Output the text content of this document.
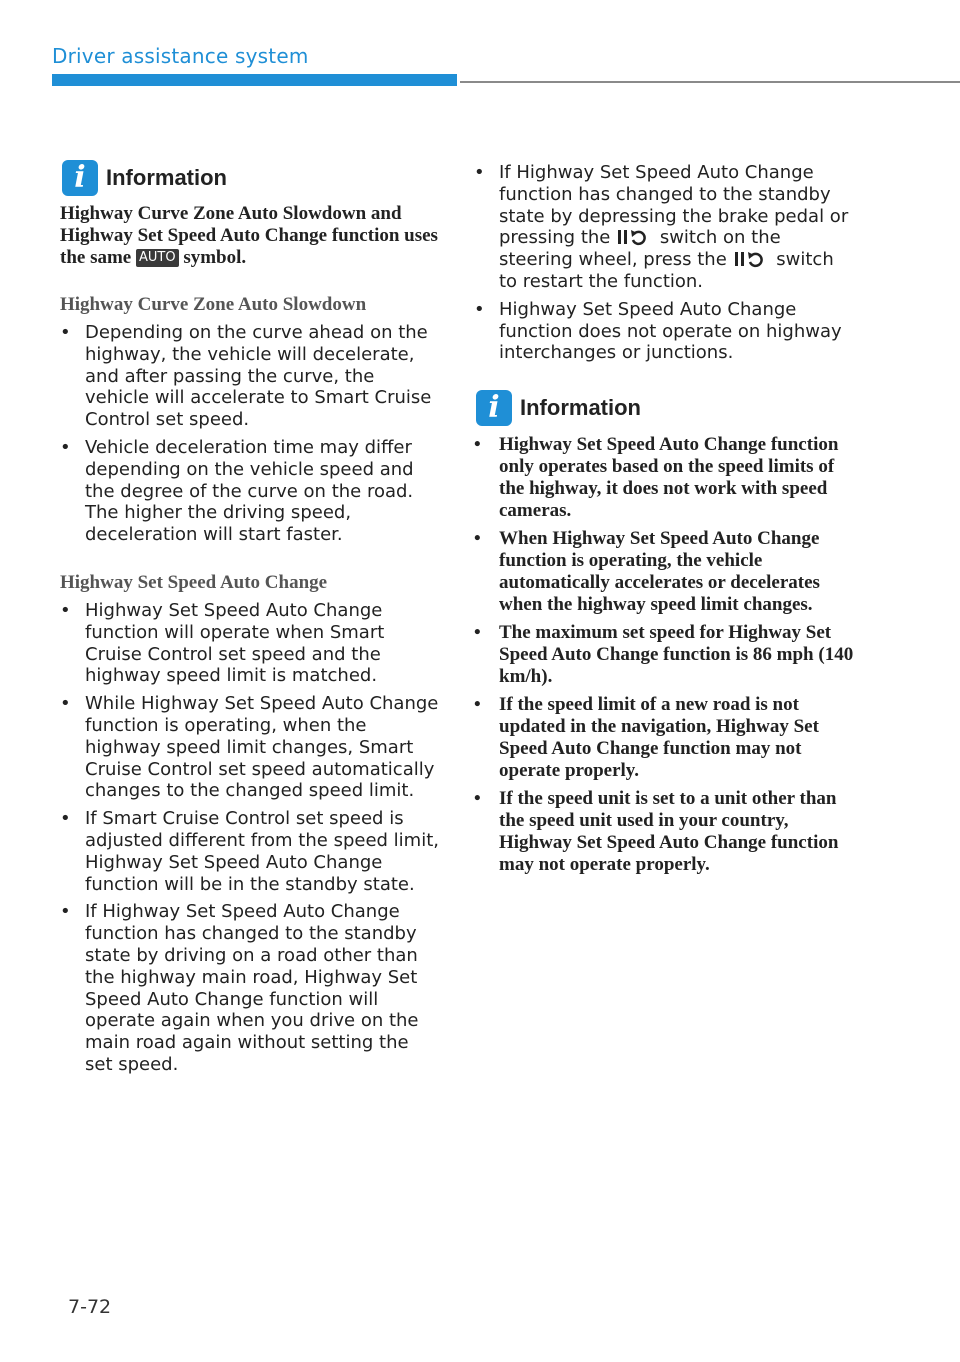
Driver assistance system
i Information
Highway Curve Zone Auto Slowdown and Highway Set Speed Auto Change function uses the same AUTO symbol.
Highway Curve Zone Auto Slowdown
• Depending on the curve ahead on the highway, the vehicle will decelerate, and after passing the curve, the vehicle will accelerate to Smart Cruise Control set speed.
• Vehicle deceleration time may differ depending on the vehicle speed and the degree of the curve on the road. The higher the driving speed, deceleration will start faster.
Highway Set Speed Auto Change
• Highway Set Speed Auto Change function will operate when Smart Cruise Control set speed and the highway speed limit is matched.
• While Highway Set Speed Auto Change function is operating, when the highway speed limit changes, Smart Cruise Control set speed automatically changes to the changed speed limit.
• If Smart Cruise Control set speed is adjusted different from the speed limit, Highway Set Speed Auto Change function will be in the standby state.
• If Highway Set Speed Auto Change function has changed to the standby state by driving on a road other than the highway main road, Highway Set Speed Auto Change function will operate again when you drive on the main road again without setting the set speed.
• If Highway Set Speed Auto Change function has changed to the standby state by depressing the brake pedal or pressing the	switch on the steering wheel, press the	switch to restart the function.
• Highway Set Speed Auto Change function does not operate on highway interchanges or junctions.
i Information
• Highway Set Speed Auto Change function only operates based on the speed limits of the highway, it does not work with speed cameras.
• When Highway Set Speed Auto Change function is operating, the vehicle automatically accelerates or decelerates when the highway speed limit changes.
• The maximum set speed for Highway Set Speed Auto Change function is 86 mph (140 km/h).
• If the speed limit of a new road is not updated in the navigation, Highway Set Speed Auto Change function may not operate properly.
• If the speed unit is set to a unit other than the speed unit used in your country, Highway Set Speed Auto Change function may not operate properly.
7-72
